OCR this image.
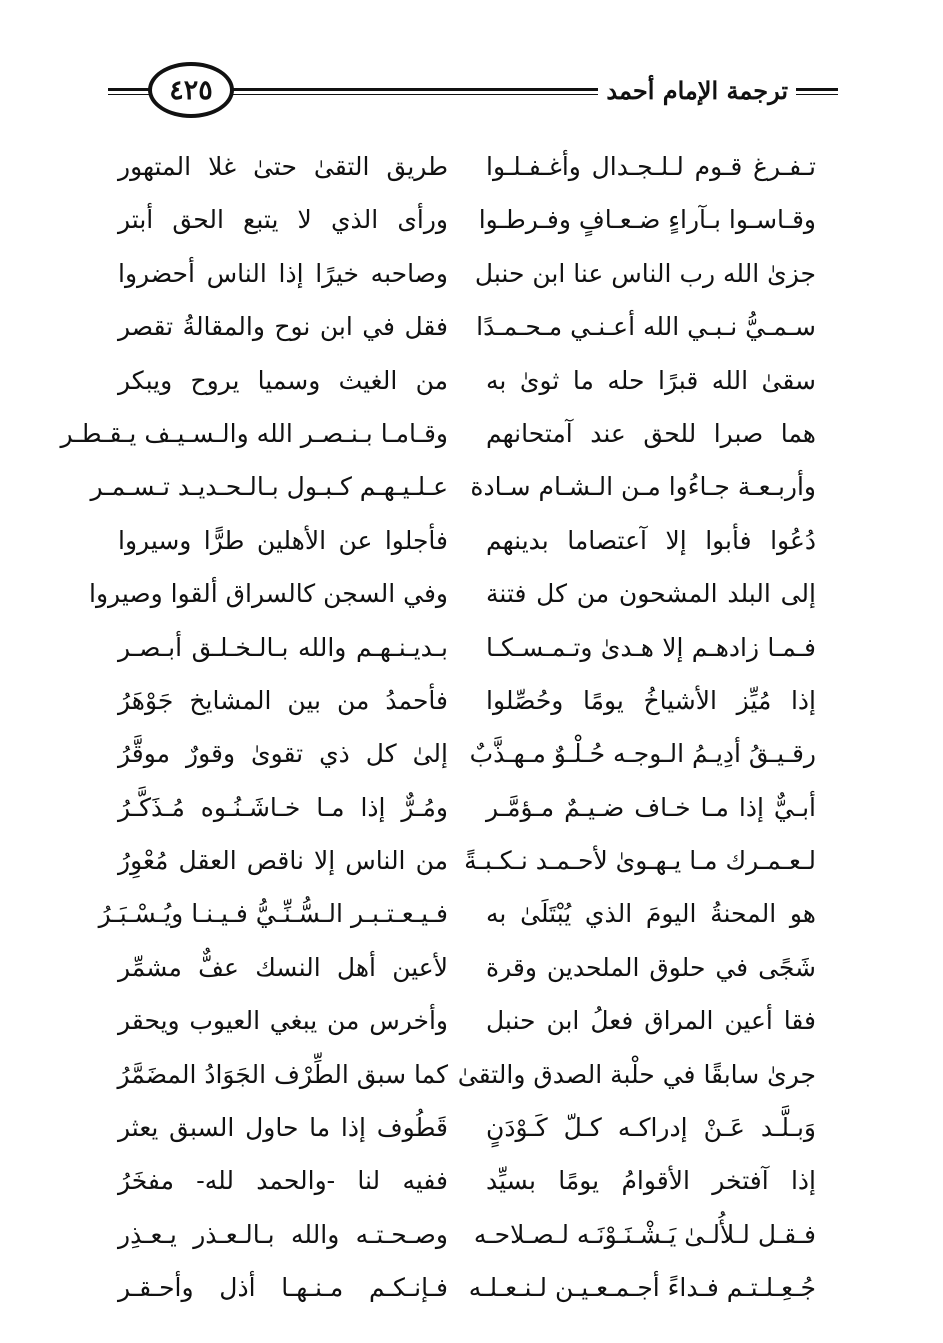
٤٢٥	ترجمة الإمام أحمد
تـفـرغ قـوم لـلـجـدال وأغـفـلـوا
وقـاسـوا بـآراءٍ ضـعـافٍ وفـرطـوا
جزىٰ الله رب الناس عنا ابن حنبل
سـمـيُّ نـبـي الله أعـنـي مـحـمـدًا
سقىٰ الله قبرًا حله ما ثوىٰ به
هما صبرا للحق عند آمتحانهم
وأربـعـة جـاءُوا مـن الـشـام سـادة
دُعُوا فأبوا إلا آعتصاما بدينهم
إلى البلد المشحون من كل فتنة
فـمـا زادهـم إلا هـدىٰ وتـمـسـكـا
إذا مُيِّز الأشياخُ يومًا وحُصِّلوا
رقـيـقُ أدِيـمُ الـوجـه حُـلْـوٌ مـهـذَّبٌ
أبـيٌّ إذا مـا خـاف ضـيـمٌ مـؤمَّـر
لـعـمـرك مـا يـهـوىٰ لأحـمـد نـكـبـةً
هو المحنةُ اليومَ الذي يُبْتَلَىٰ به
شَجًى في حلوق الملحدين وقرة
فقا أعين المراق فعلُ ابن حنبل
جرىٰ سابقًا في حلْبة الصدق والتقىٰ
وَبـلَّـد عَـنْ إدراكـه كـلّ كَـوْدَنٍ
إذا آفتخر الأقوامُ يومًا بسيِّد
فـقـل لـلأُلـىٰ يَـشْـنَـوْنَـه لـصـلاحـه
جُـعِـلـتـم فـداءً أجـمـعـيـن لـنـعـلـه
طريق التقىٰ حتىٰ غلا المتهور
ورأى الذي لا يتبع الحق أبتر
وصاحبه خيرًا إذا الناس أحضروا
فقل في ابن نوح والمقالةُ تقصر
من الغيث وسميا يروح ويبكر
وقـامـا بـنـصـر الله والـسـيـف يـقـطـر
عـلـيـهـم كـبـول بـالـحـديـد تـسـمـر
فأجلوا عن الأهلين طرًّا وسيروا
وفي السجن كالسراق ألقوا وصيروا
بـديـنـهـم والله بـالـخـلـق أبـصـر
فأحمدُ من بين المشايخ جَوْهَرُ
إلىٰ كل ذي تقوىٰ وقورٌ موقَّرُ
ومُـرٌّ إذا مـا خـاشَـنُـوه مُـذَكَّـرُ
من الناس إلا ناقص العقل مُعْوِرُ
فـيـعـتـبـر الـسُّـنِّـيُّ فـيـنـا ويُـسْـبَـرُ
لأعين أهل النسك عفٌّ مشمِّر
وأخرس من يبغي العيوب ويحقر
كما سبق الطِّرْف الجَوَادُ المضَمَّرُ
قَطُوف إذا ما حاول السبق يعثر
ففيه لنا -والحمد لله- مفخَرُ
وصـحـتـه والله بـالـعـذر يـعـذِر
فـإنـكـم مـنـهـا أذل وأحـقـر
